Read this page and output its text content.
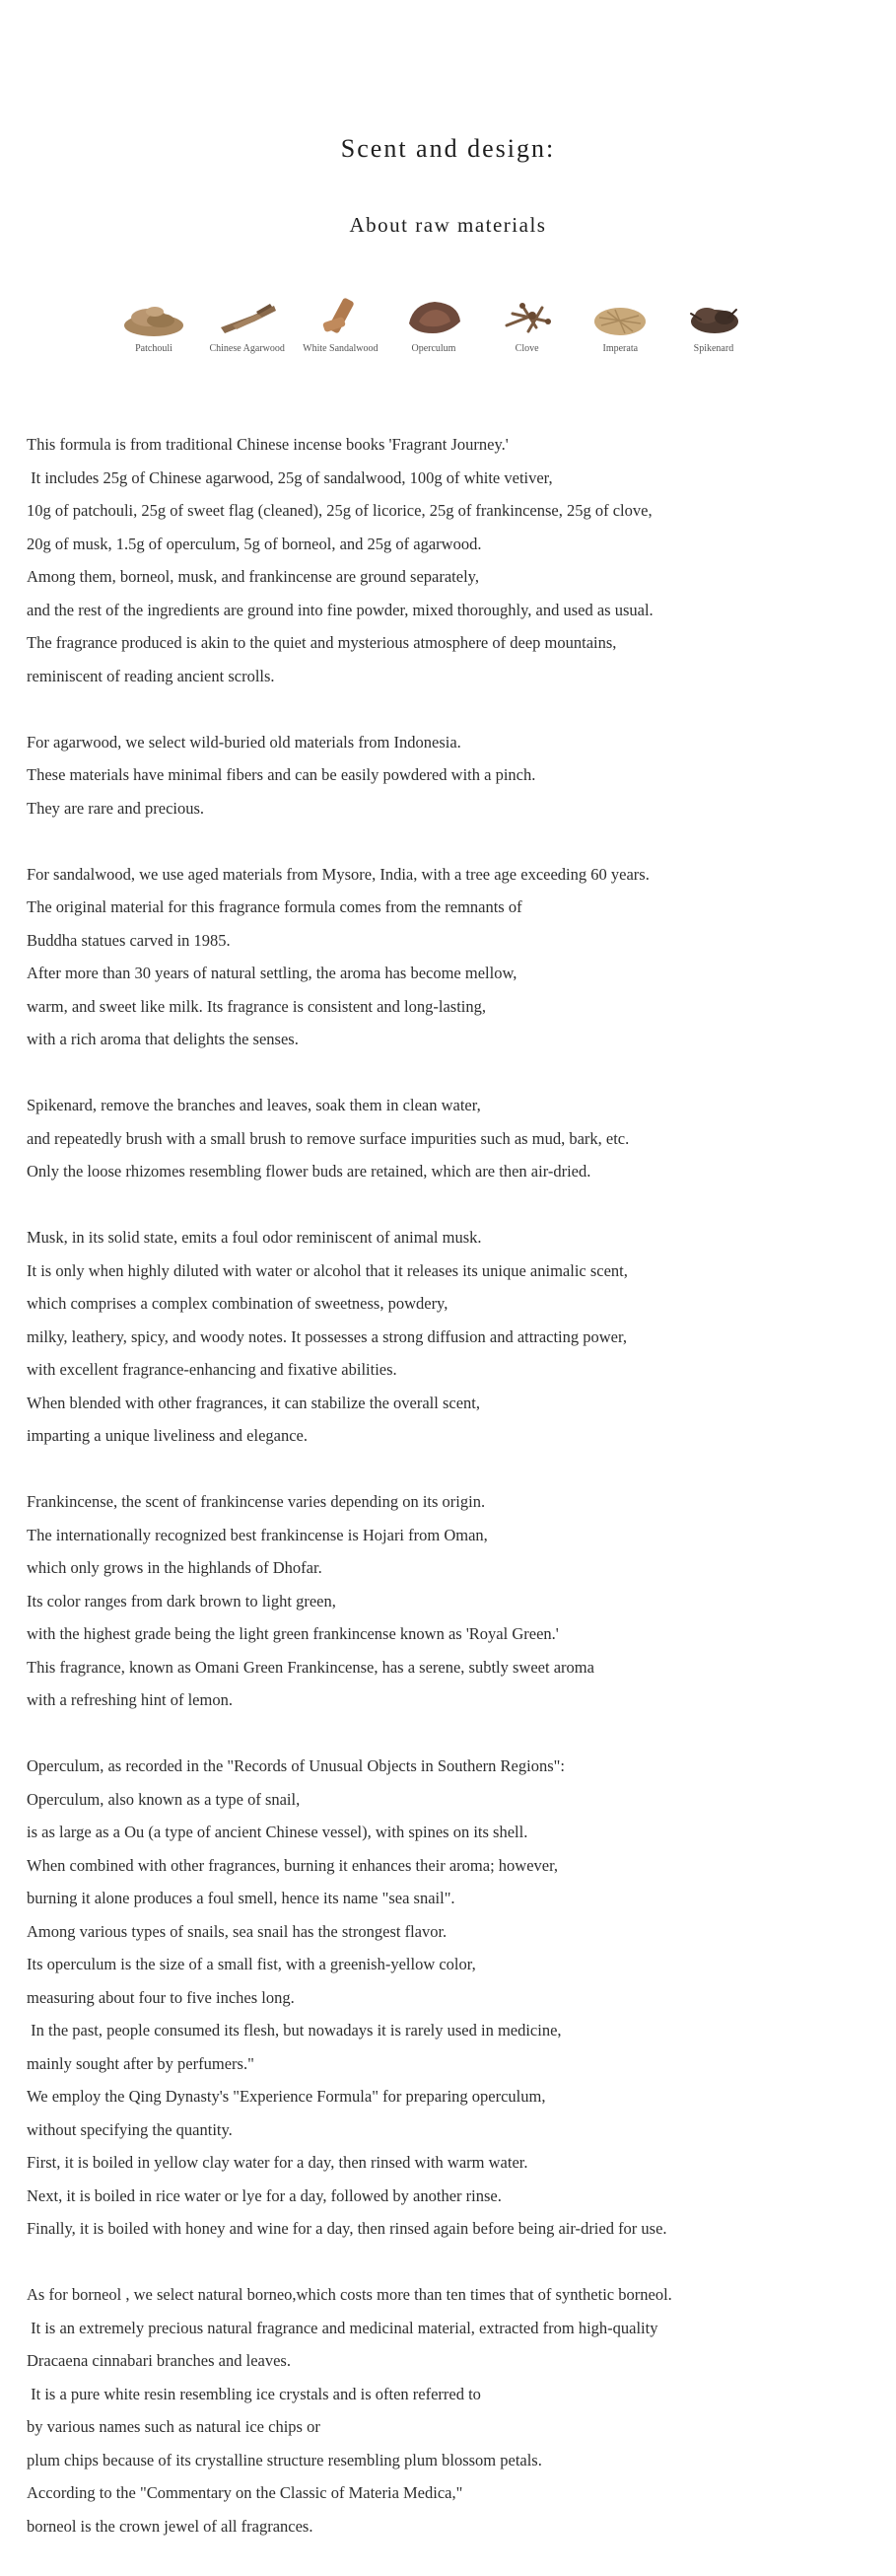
Scent and design:
About raw materials
Patchouli	Chinese Agarwood White Sandalwood	Operculum	Clove	Imperata	Spikenard
This formula is from traditional Chinese incense books 'Fragrant Journey.'
It includes 25g of Chinese agarwood, 25g of sandalwood, 100g of white vetiver,
10g of patchouli, 25g of sweet flag (cleaned), 25g of licorice, 25g of frankincense, 25g of clove,
20g of musk, 1.5g of operculum, 5g of borneol, and 25g of agarwood.
Among them, borneol, musk, and frankincense are ground separately,
and the rest of the ingredients are ground into fine powder, mixed thoroughly, and used as usual.
The fragrance produced is akin to the quiet and mysterious atmosphere of deep mountains,
reminiscent of reading ancient scrolls.
For agarwood, we select wild-buried old materials from Indonesia.
These materials have minimal fibers and can be easily powdered with a pinch.
They are rare and precious.
For sandalwood, we use aged materials from Mysore, India, with a tree age exceeding 60 years.
The original material for this fragrance formula comes from the remnants of
Buddha statues carved in 1985.
After more than 30 years of natural settling, the aroma has become mellow,
warm, and sweet like milk. Its fragrance is consistent and long-lasting,
with a rich aroma that delights the senses.
Spikenard, remove the branches and leaves, soak them in clean water,
and repeatedly brush with a small brush to remove surface impurities such as mud, bark, etc.
Only the loose rhizomes resembling flower buds are retained, which are then air-dried.
Musk, in its solid state, emits a foul odor reminiscent of animal musk.
It is only when highly diluted with water or alcohol that it releases its unique animalic scent,
which comprises a complex combination of sweetness, powdery,
milky, leathery, spicy, and woody notes. It possesses a strong diffusion and attracting power,
with excellent fragrance-enhancing and fixative abilities.
When blended with other fragrances, it can stabilize the overall scent,
imparting a unique liveliness and elegance.
Frankincense, the scent of frankincense varies depending on its origin.
The internationally recognized best frankincense is Hojari from Oman,
which only grows in the highlands of Dhofar.
Its color ranges from dark brown to light green,
with the highest grade being the light green frankincense known as 'Royal Green.'
This fragrance, known as Omani Green Frankincense, has a serene, subtly sweet aroma
with a refreshing hint of lemon.
Operculum, as recorded in the "Records of Unusual Objects in Southern Regions":
Operculum, also known as a type of snail,
is as large as a Ou (a type of ancient Chinese vessel), with spines on its shell.
When combined with other fragrances, burning it enhances their aroma; however,
burning it alone produces a foul smell, hence its name "sea snail".
Among various types of snails, sea snail has the strongest flavor.
Its operculum is the size of a small fist, with a greenish-yellow color,
measuring about four to five inches long.
In the past, people consumed its flesh, but nowadays it is rarely used in medicine,
mainly sought after by perfumers."
We employ the Qing Dynasty's "Experience Formula" for preparing operculum,
without specifying the quantity.
First, it is boiled in yellow clay water for a day, then rinsed with warm water.
Next, it is boiled in rice water or lye for a day, followed by another rinse.
Finally, it is boiled with honey and wine for a day, then rinsed again before being air-dried for use.
As for borneol , we select natural borneo,which costs more than ten times that of synthetic borneol.
It is an extremely precious natural fragrance and medicinal material, extracted from high-quality
Dracaena cinnabari branches and leaves.
It is a pure white resin resembling ice crystals and is often referred to
by various names such as natural ice chips or
plum chips because of its crystalline structure resembling plum blossom petals.
According to the "Commentary on the Classic of Materia Medica,"
borneol is the crown jewel of all fragrances.
